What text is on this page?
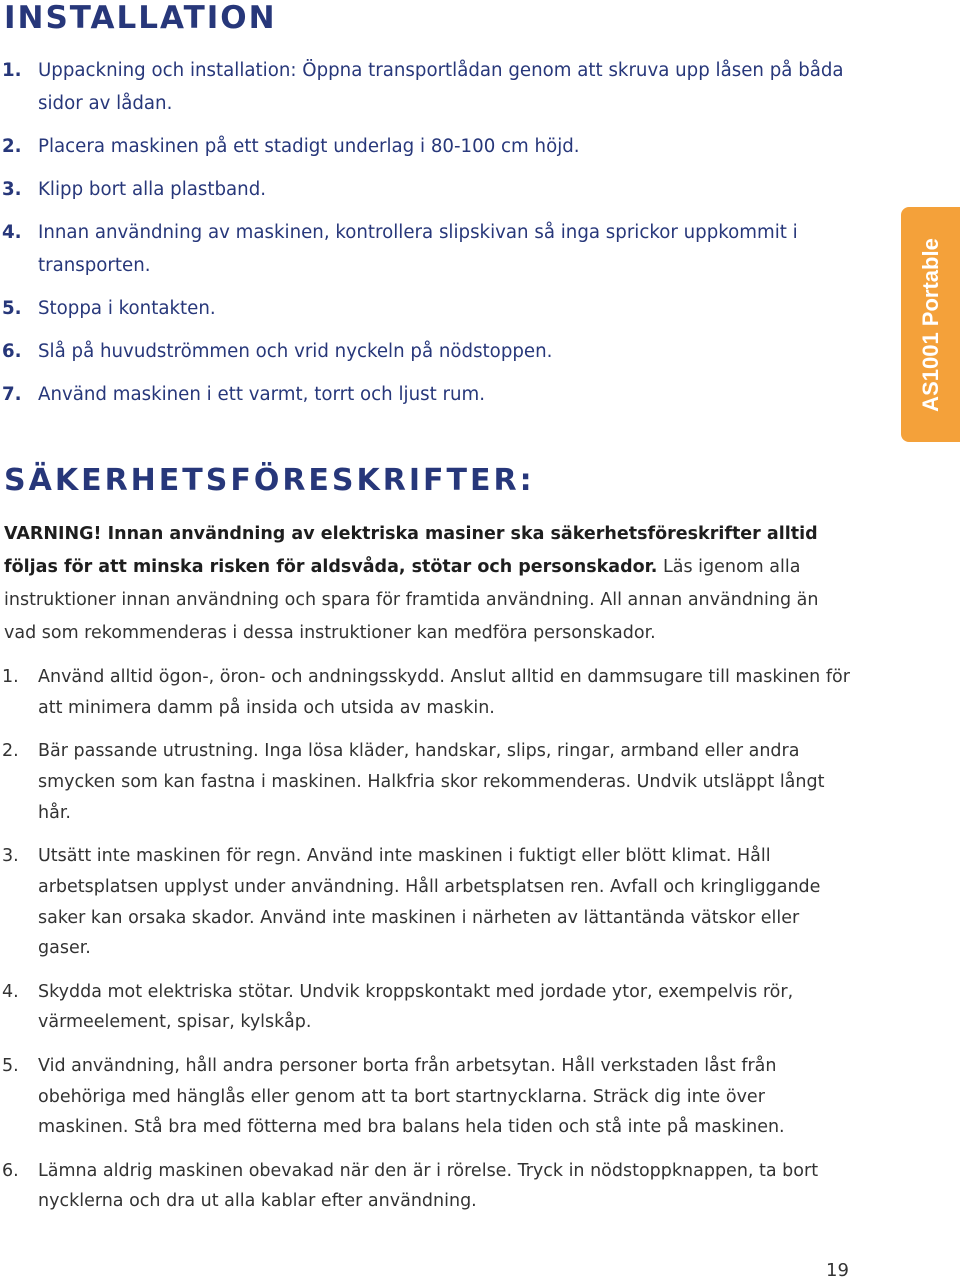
INSTALLATION
1. Uppackning och installation: Öppna transportlådan genom att skruva upp låsen på båda sidor av lådan.
2. Placera maskinen på ett stadigt underlag i 80-100 cm höjd.
3. Klipp bort alla plastband.
4. Innan användning av maskinen, kontrollera slipskivan så inga sprickor uppkommit i transporten.
5. Stoppa i kontakten.
6. Slå på huvudströmmen och vrid nyckeln på nödstoppen.
7. Använd maskinen i ett varmt, torrt och ljust rum.	AS1001 Portable
SÄKERHETSFÖRESKRIFTER:

VARNING! Innan användning av elektriska masiner ska säkerhetsföreskrifter alltid följas för att minska risken för aldsvåda, stötar och personskador. Läs igenom alla instruktioner innan användning och spara för framtida användning. All annan användning än vad som rekommenderas i dessa instruktioner kan medföra personskador.

1. Använd alltid ögon-, öron- och andningsskydd. Anslut alltid en dammsugare till maskinen för att minimera damm på insida och utsida av maskin.
2. Bär passande utrustning. Inga lösa kläder, handskar, slips, ringar, armband eller andra smycken som kan fastna i maskinen. Halkfria skor rekommenderas. Undvik utsläppt långt hår.
3. Utsätt inte maskinen för regn. Använd inte maskinen i fuktigt eller blött klimat. Håll arbetsplatsen upplyst under användning. Håll arbetsplatsen ren. Avfall och kringliggande saker kan orsaka skador. Använd inte maskinen i närheten av lättantända vätskor eller gaser.
4. Skydda mot elektriska stötar. Undvik kroppskontakt med jordade ytor, exempelvis rör, värmeelement, spisar, kylskåp.
5. Vid användning, håll andra personer borta från arbetsytan. Håll verkstaden låst från obehöriga med hänglås eller genom att ta bort startnycklarna. Sträck dig inte över maskinen. Stå bra med fötterna med bra balans hela tiden och stå inte på maskinen.
6. Lämna aldrig maskinen obevakad när den är i rörelse. Tryck in nödstoppknappen, ta bort nycklerna och dra ut alla kablar efter användning.
19
